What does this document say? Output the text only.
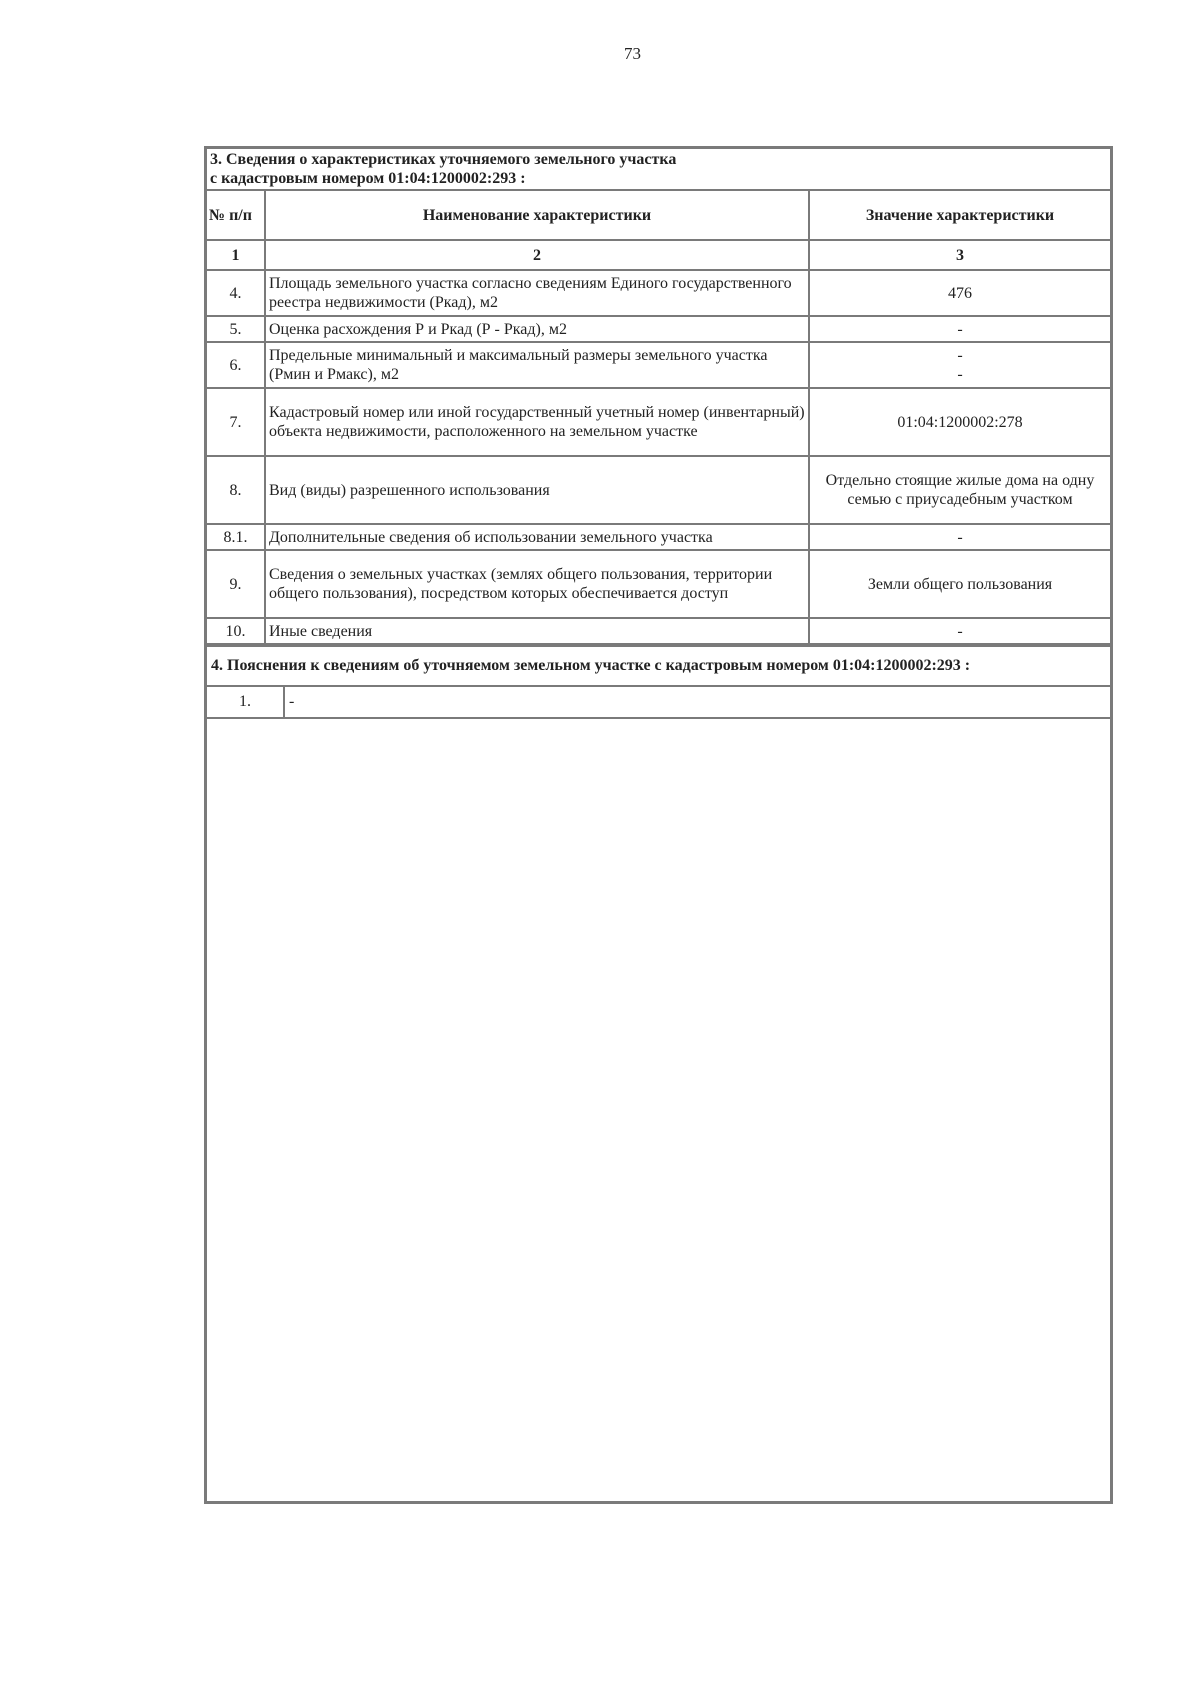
73
3. Сведения о характеристиках уточняемого земельного участка
с кадастровым номером 01:04:1200002:293 :		

№ п/п	Наименование характеристики	Значение характеристики
1	2	3
4.	Площадь земельного участка согласно сведениям Единого государственного реестра недвижимости (Ркад), м2	476
5.	Оценка расхождения Р и Ркад (Р - Ркад), м2	-
6.	Предельные минимальный и максимальный размеры земельного участка (Рмин и Рмакс), м2	-
-

7.	Кадастровый номер или иной государственный учетный номер (инвентарный) объекта недвижимости, расположенного на земельном участке	01:04:1200002:278
8.	Вид (виды) разрешенного использования	Отдельно стоящие жилые дома на одну семью с приусадебным участком
8.1.	Дополнительные сведения об использовании земельного участка	-
9.	Сведения о земельных участках (землях общего пользования, территории общего пользования), посредством которых обеспечивается доступ	Земли общего пользования
10.	Иные сведения	-
4. Пояснения к сведениям об уточняемом земельном участке с кадастровым номером 01:04:1200002:293 :
1.	-
